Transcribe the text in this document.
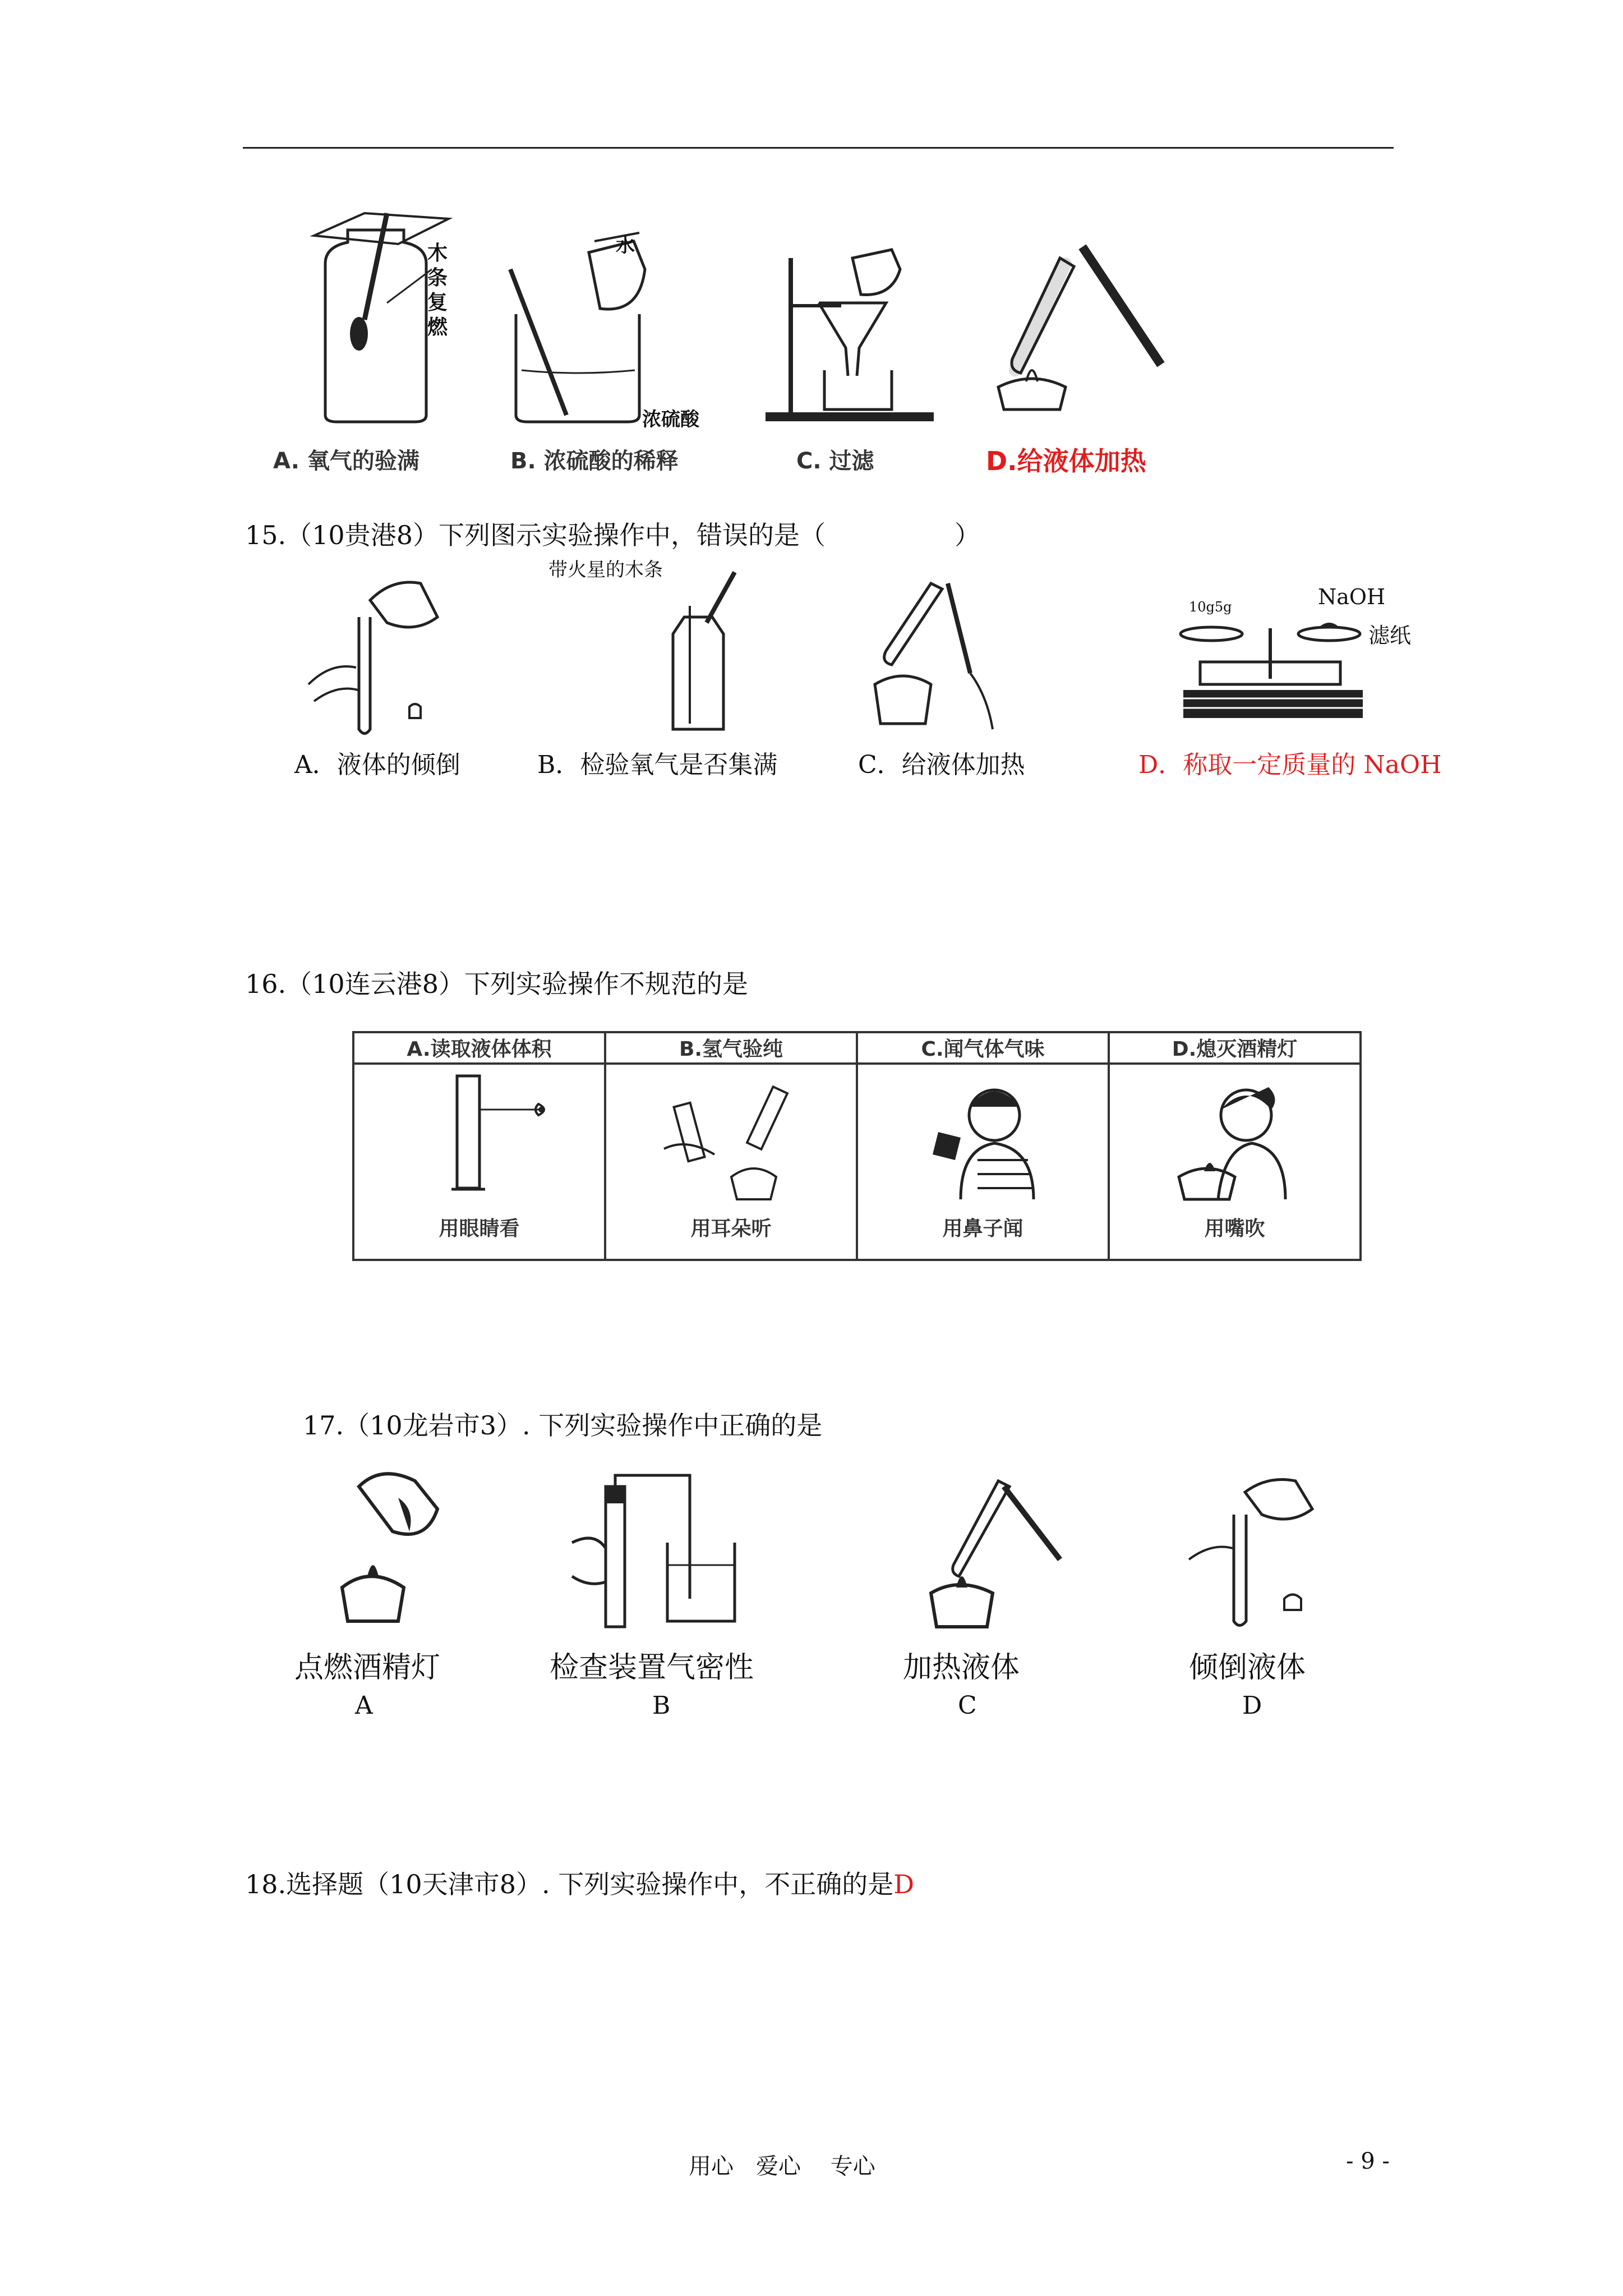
木条复燃
水
浓硫酸
A. 氧气的验满	B. 浓硫酸的稀释	C. 过滤	D.给液体加热
15.（10贵港8）下列图示实验操作中，错误的是（　　　　　）
带火星的木条
NaOH
10g5g
滤纸
A．液体的倾倒	B．检验氧气是否集满	C．给液体加热	D．称取一定质量的 NaOH
16.（10连云港8）下列实验操作不规范的是
A.读取液体体积	B.氢气验纯	C.闻气体气味	D.熄灭酒精灯

用眼睛看	用耳朵听	用鼻子闻	用嘴吹
17.（10龙岩市3）. 下列实验操作中正确的是
点燃酒精灯	检查装置气密性	加热液体	倾倒液体
A	B	C	D
18.选择题（10天津市8）. 下列实验操作中，不正确的是D
用心　爱心　 专心	- 9 -
